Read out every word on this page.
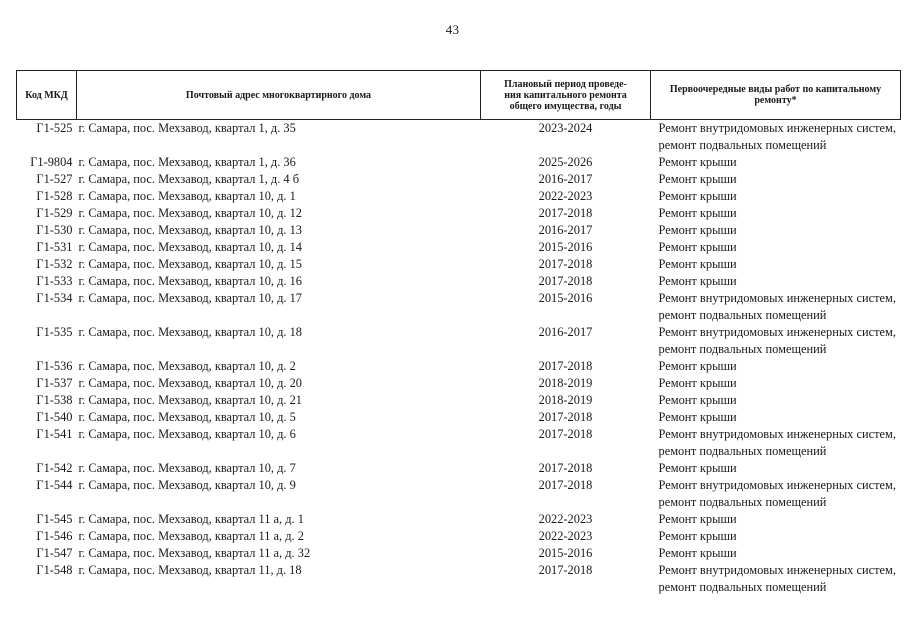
43
Код МКД	Почтовый адрес многоквартирного дома	Плановый период проведе-
ния капитального ремонта
общего имущества, годы	Первоочередные виды работ по капитальному
ремонту*

Г1-525	г. Самара, пос. Мехзавод, квартал 1, д. 35	2023-2024	Ремонт внутридомовых инженерных систем,
ремонт подвальных помещений

Г1-9804	г. Самара, пос. Мехзавод, квартал 1, д. 36	2025-2026	Ремонт крыши

Г1-527	г. Самара, пос. Мехзавод, квартал 1, д. 4 б	2016-2017	Ремонт крыши

Г1-528	г. Самара, пос. Мехзавод, квартал 10, д. 1	2022-2023	Ремонт крыши

Г1-529	г. Самара, пос. Мехзавод, квартал 10, д. 12	2017-2018	Ремонт крыши

Г1-530	г. Самара, пос. Мехзавод, квартал 10, д. 13	2016-2017	Ремонт крыши

Г1-531	г. Самара, пос. Мехзавод, квартал 10, д. 14	2015-2016	Ремонт крыши

Г1-532	г. Самара, пос. Мехзавод, квартал 10, д. 15	2017-2018	Ремонт крыши

Г1-533	г. Самара, пос. Мехзавод, квартал 10, д. 16	2017-2018	Ремонт крыши

Г1-534	г. Самара, пос. Мехзавод, квартал 10, д. 17	2015-2016	Ремонт внутридомовых инженерных систем,
ремонт подвальных помещений

Г1-535	г. Самара, пос. Мехзавод, квартал 10, д. 18	2016-2017	Ремонт внутридомовых инженерных систем,
ремонт подвальных помещений

Г1-536	г. Самара, пос. Мехзавод, квартал 10, д. 2	2017-2018	Ремонт крыши

Г1-537	г. Самара, пос. Мехзавод, квартал 10, д. 20	2018-2019	Ремонт крыши

Г1-538	г. Самара, пос. Мехзавод, квартал 10, д. 21	2018-2019	Ремонт крыши

Г1-540	г. Самара, пос. Мехзавод, квартал 10, д. 5	2017-2018	Ремонт крыши

Г1-541	г. Самара, пос. Мехзавод, квартал 10, д. 6	2017-2018	Ремонт внутридомовых инженерных систем,
ремонт подвальных помещений

Г1-542	г. Самара, пос. Мехзавод, квартал 10, д. 7	2017-2018	Ремонт крыши

Г1-544	г. Самара, пос. Мехзавод, квартал 10, д. 9	2017-2018	Ремонт внутридомовых инженерных систем,
ремонт подвальных помещений

Г1-545	г. Самара, пос. Мехзавод, квартал 11 а, д. 1	2022-2023	Ремонт крыши

Г1-546	г. Самара, пос. Мехзавод, квартал 11 а, д. 2	2022-2023	Ремонт крыши

Г1-547	г. Самара, пос. Мехзавод, квартал 11 а, д. 32	2015-2016	Ремонт крыши

Г1-548	г. Самара, пос. Мехзавод, квартал 11, д. 18	2017-2018	Ремонт внутридомовых инженерных систем,
ремонт подвальных помещений
